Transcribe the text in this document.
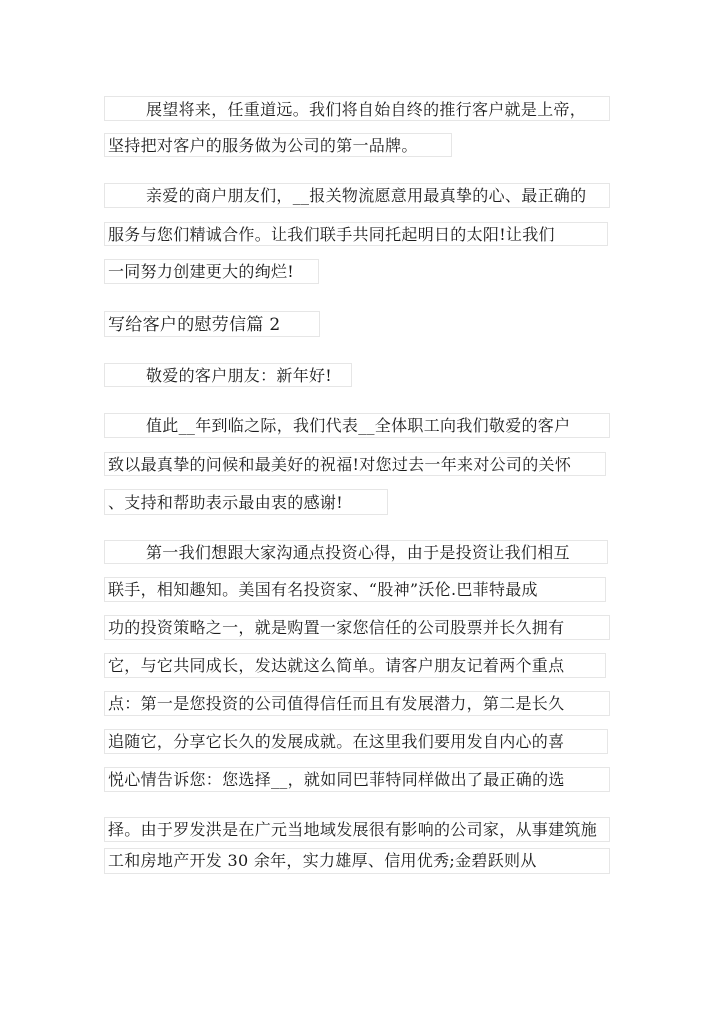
展望将来，任重道远。我们将自始自终的推行客户就是上帝，
坚持把对客户的服务做为公司的第一品牌。
亲爱的商户朋友们，__报关物流愿意用最真挚的心、最正确的
服务与您们精诚合作。让我们联手共同托起明日的太阳!让我们
一同努力创建更大的绚烂!
写给客户的慰劳信篇 2
敬爱的客户朋友：新年好!
值此__年到临之际，我们代表__全体职工向我们敬爱的客户
致以最真挚的问候和最美好的祝福!对您过去一年来对公司的关怀
、支持和帮助表示最由衷的感谢!
第一我们想跟大家沟通点投资心得，由于是投资让我们相互
联手，相知趣知。美国有名投资家、“股神”沃伦.巴菲特最成
功的投资策略之一，就是购置一家您信任的公司股票并长久拥有
它，与它共同成长，发达就这么简单。请客户朋友记着两个重点
点：第一是您投资的公司值得信任而且有发展潜力，第二是长久
追随它，分享它长久的发展成就。在这里我们要用发自内心的喜
悦心情告诉您：您选择__，就如同巴菲特同样做出了最正确的选
择。由于罗发洪是在广元当地域发展很有影响的公司家，从事建筑施
工和房地产开发 30 余年，实力雄厚、信用优秀;金碧跃则从
